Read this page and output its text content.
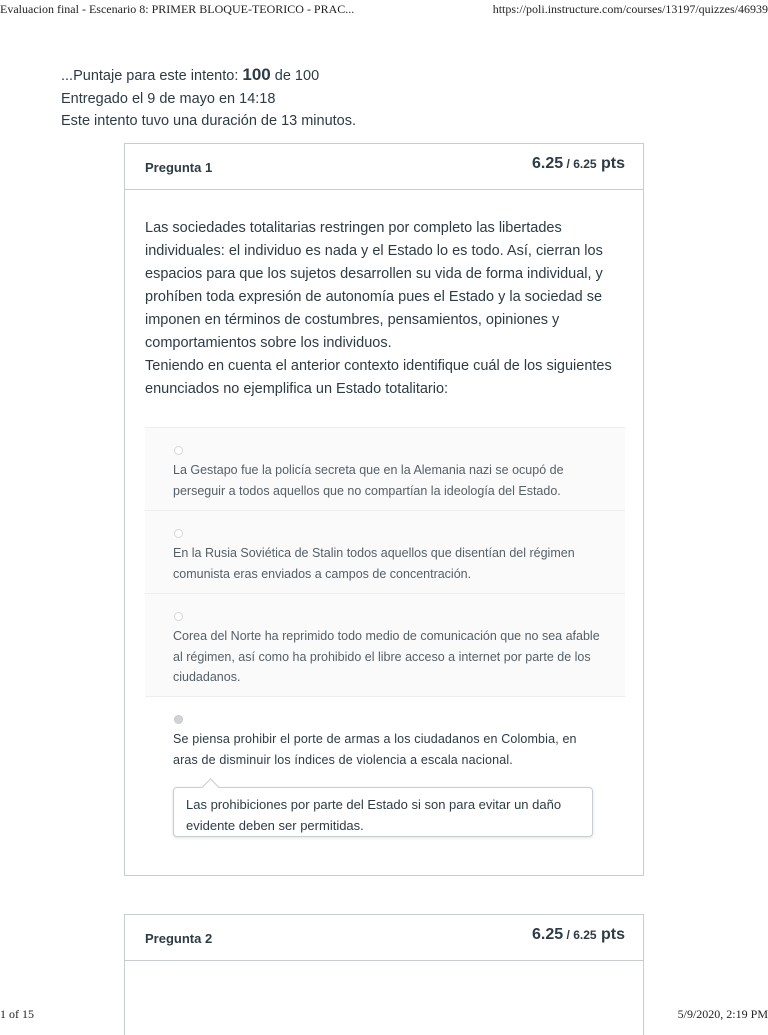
Evaluacion final - Escenario 8: PRIMER BLOQUE-TEORICO - PRAC...	https://poli.instructure.com/courses/13197/quizzes/46939
...Puntaje para este intento: 100 de 100
Entregado el 9 de mayo en 14:18
Este intento tuvo una duración de 13 minutos.
Pregunta 1	6.25 / 6.25 pts

Las sociedades totalitarias restringen por completo las libertades individuales: el individuo es nada y el Estado lo es todo. Así, cierran los espacios para que los sujetos desarrollen su vida de forma individual, y prohíben toda expresión de autonomía pues el Estado y la sociedad se imponen en términos de costumbres, pensamientos, opiniones y comportamientos sobre los individuos.

Teniendo en cuenta el anterior contexto identifique cuál de los siguientes enunciados no ejemplifica un Estado totalitario:

La Gestapo fue la policía secreta que en la Alemania nazi se ocupó de perseguir a todos aquellos que no compartían la ideología del Estado.
En la Rusia Soviética de Stalin todos aquellos que disentían del régimen comunista eras enviados a campos de concentración.
Corea del Norte ha reprimido todo medio de comunicación que no sea afable al régimen, así como ha prohibido el libre acceso a internet por parte de los ciudadanos.
Se piensa prohibir el porte de armas a los ciudadanos en Colombia, en aras de disminuir los índices de violencia a escala nacional.
Las prohibiciones por parte del Estado si son para evitar un daño evidente deben ser permitidas.
Pregunta 2	6.25 / 6.25 pts
1 of 15	5/9/2020, 2:19 PM
